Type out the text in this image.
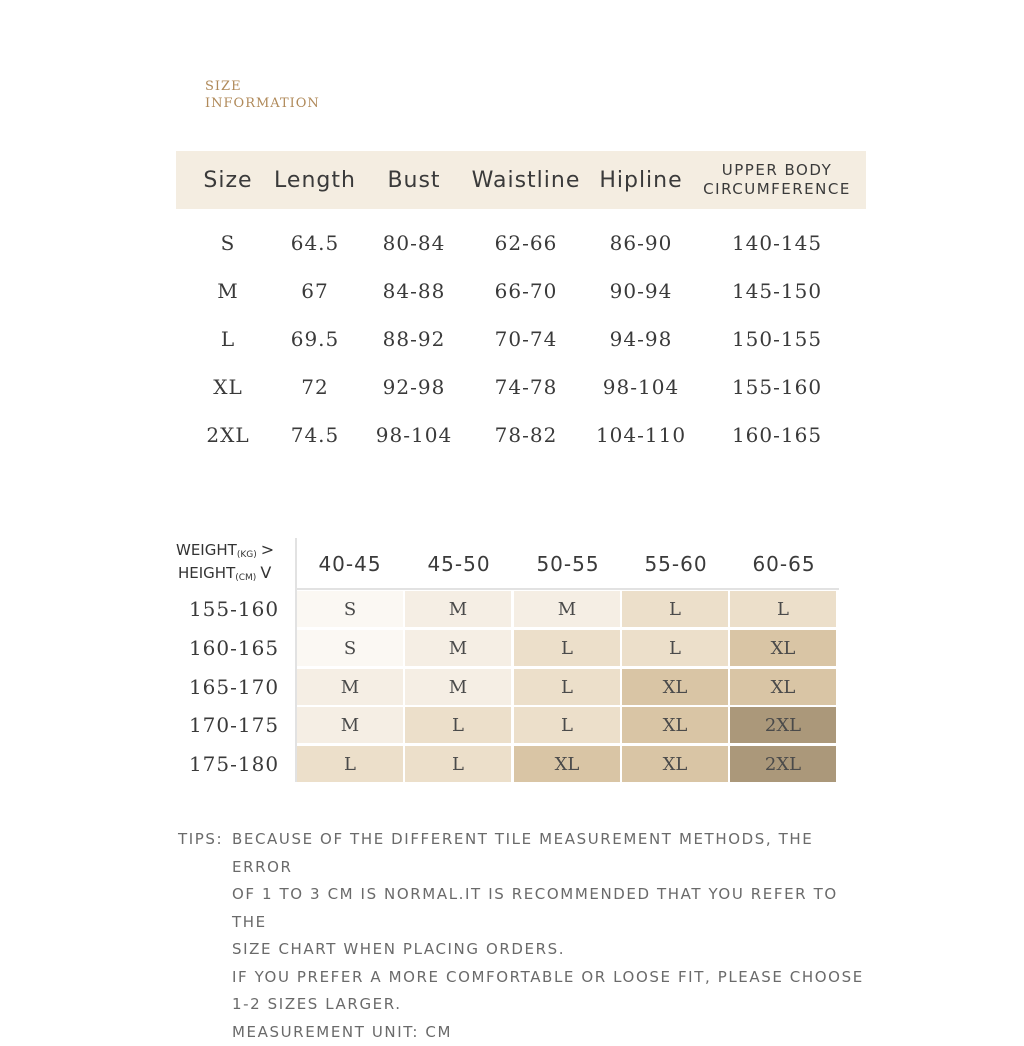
SIZE
INFORMATION
Size Length	Bust	Waistline Hipline	UPPER BODY
CIRCUMFERENCE
S	64.5	80-84	62-66	86-90	140-145
M	67	84-88	66-70	90-94	145-150
L	69.5	88-92	70-74	94-98	150-155
XL	72	92-98	74-78	98-104	155-160
2XL	74.5	98-104	78-82	104-110	160-165
$WEIGHT_{(KG)}$ >
$HEIGHT_{(CM)}$ V	40-45	45-50	50-55	55-60	60-65
155-160	S	M	M	L	L
160-165	S	M	L	L	XL
165-170	M	M	L	XL	XL
170-175	M	L	L	XL	2XL
175-180	L	L	XL	XL	2XL
TIPS: BECAUSE OF THE DIFFERENT TILE MEASUREMENT METHODS, THE ERROR
OF 1 TO 3 CM IS NORMAL.IT IS RECOMMENDED THAT YOU REFER TO THE
SIZE CHART WHEN PLACING ORDERS.
IF YOU PREFER A MORE COMFORTABLE OR LOOSE FIT, PLEASE CHOOSE
1-2 SIZES LARGER.
MEASUREMENT UNIT: CM
